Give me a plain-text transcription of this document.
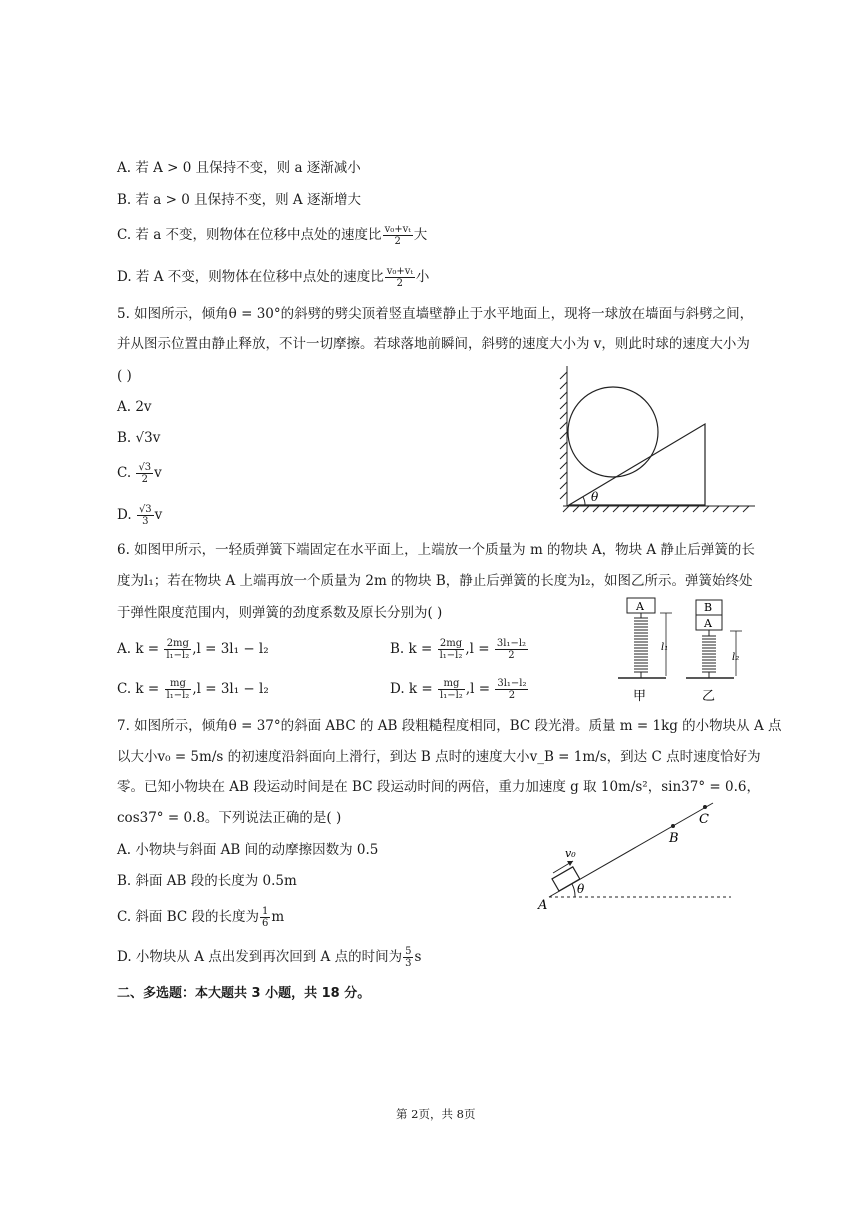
A. 若 A > 0 且保持不变，则 a 逐渐减小
B. 若 a > 0 且保持不变，则 A 逐渐增大
C. 若 a 不变，则物体在位移中点处的速度比 $\frac{\text{v₀+vₜ}}{2}$ 大
D. 若 A 不变，则物体在位移中点处的速度比 $\frac{\text{v₀+vₜ}}{2}$ 小
5. 如图所示，倾角θ = 30°的斜劈的劈尖顶着竖直墙壁静止于水平地面上，现将一球放在墙面与斜劈之间，
并从图示位置由静止释放，不计一切摩擦。若球落地前瞬间，斜劈的速度大小为 v，则此时球的速度大小为
( )
A. 2v
B. √3v
C. $\frac{√3}{2}$ v
D. $\frac{√3}{3}$ v
θ
6. 如图甲所示，一轻质弹簧下端固定在水平面上，上端放一个质量为 m 的物块 A，物块 A 静止后弹簧的长
度为l₁；若在物块 A 上端再放一个质量为 2m 的物块 B，静止后弹簧的长度为l₂，如图乙所示。弹簧始终处
于弹性限度范围内，则弹簧的劲度系数及原长分别为( )
A. $k = \frac{2mg}{\text{l₁−l₂}} ,l = 3l_1 - l_2$	B. $k = \frac{2mg}{\text{l₁−l₂}} ,l = \frac{\text{3l₁−l₂}}{2}$
C. $k = \frac{mg}{\text{l₁−l₂}} ,l = 3l_1 - l_2$	D. $k = \frac{mg}{\text{l₁−l₂}} ,l = \frac{\text{3l₁−l₂}}{2}$
A
l₁
甲
B
A
l₂
乙
7. 如图所示，倾角θ = 37°的斜面 ABC 的 AB 段粗糙程度相同，BC 段光滑。质量 m = 1kg 的小物块从 A 点
以大小v₀ = 5m/s 的初速度沿斜面向上滑行，到达 B 点时的速度大小v_B = 1m/s，到达 C 点时速度恰好为
零。已知小物块在 AB 段运动时间是在 BC 段运动时间的两倍，重力加速度 g 取 10m/s²，sin37° = 0.6，
cos37° = 0.8。下列说法正确的是( )
A. 小物块与斜面 AB 间的动摩擦因数为 0.5
B. 斜面 AB 段的长度为 0.5m
C. 斜面 BC 段的长度为 $\frac{1}{6}$ m
D. 小物块从 A 点出发到再次回到 A 点的时间为 $\frac{5}{3}$ s
v₀
θ
A
B
C
二、多选题：本大题共 3 小题，共 18 分。
第 2页，共 8页
